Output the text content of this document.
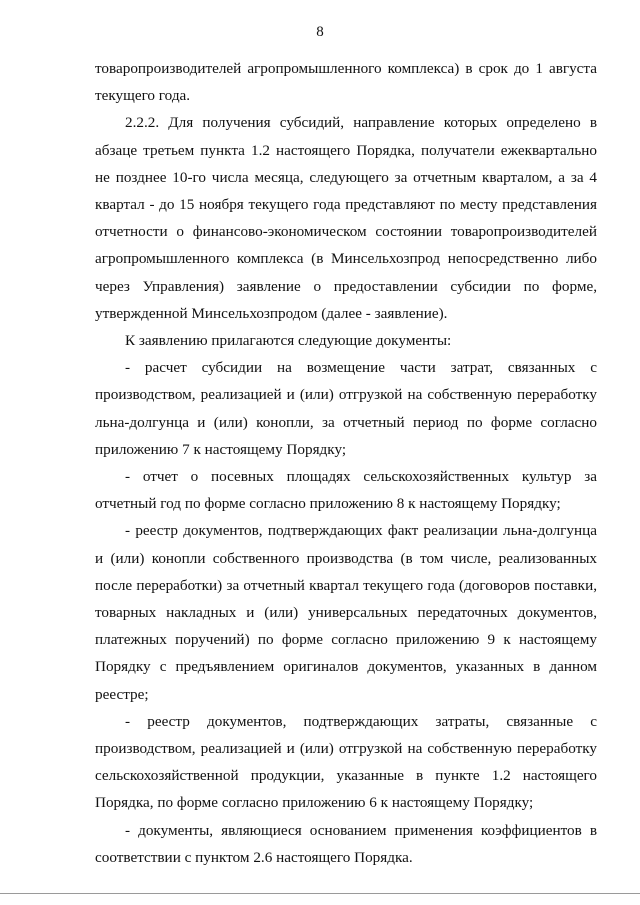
8

товаропроизводителей агропромышленного комплекса) в срок до 1 августа текущего года.

2.2.2. Для получения субсидий, направление которых определено в абзаце третьем пункта 1.2 настоящего Порядка, получатели ежеквартально не позднее 10-го числа месяца, следующего за отчетным кварталом, а за 4 квартал - до 15 ноября текущего года представляют по месту представления отчетности о финансово-экономическом состоянии товаропроизводителей агропромышленного комплекса (в Минсельхозпрод непосредственно либо через Управления) заявление о предоставлении субсидии по форме, утвержденной Минсельхозпродом (далее - заявление).

К заявлению прилагаются следующие документы:

- расчет субсидии на возмещение части затрат, связанных с производством, реализацией и (или) отгрузкой на собственную переработку льна-долгунца и (или) конопли, за отчетный период по форме согласно приложению 7 к настоящему Порядку;

- отчет о посевных площадях сельскохозяйственных культур за отчетный год по форме согласно приложению 8 к настоящему Порядку;

- реестр документов, подтверждающих факт реализации льна-долгунца и (или) конопли собственного производства (в том числе, реализованных после переработки) за отчетный квартал текущего года (договоров поставки, товарных накладных и (или) универсальных передаточных документов, платежных поручений) по форме согласно приложению 9 к настоящему Порядку с предъявлением оригиналов документов, указанных в данном реестре;

- реестр документов, подтверждающих затраты, связанные с производством, реализацией и (или) отгрузкой на собственную переработку сельскохозяйственной продукции, указанные в пункте 1.2 настоящего Порядка, по форме согласно приложению 6 к настоящему Порядку;

- документы, являющиеся основанием применения коэффициентов в соответствии с пунктом 2.6 настоящего Порядка.
